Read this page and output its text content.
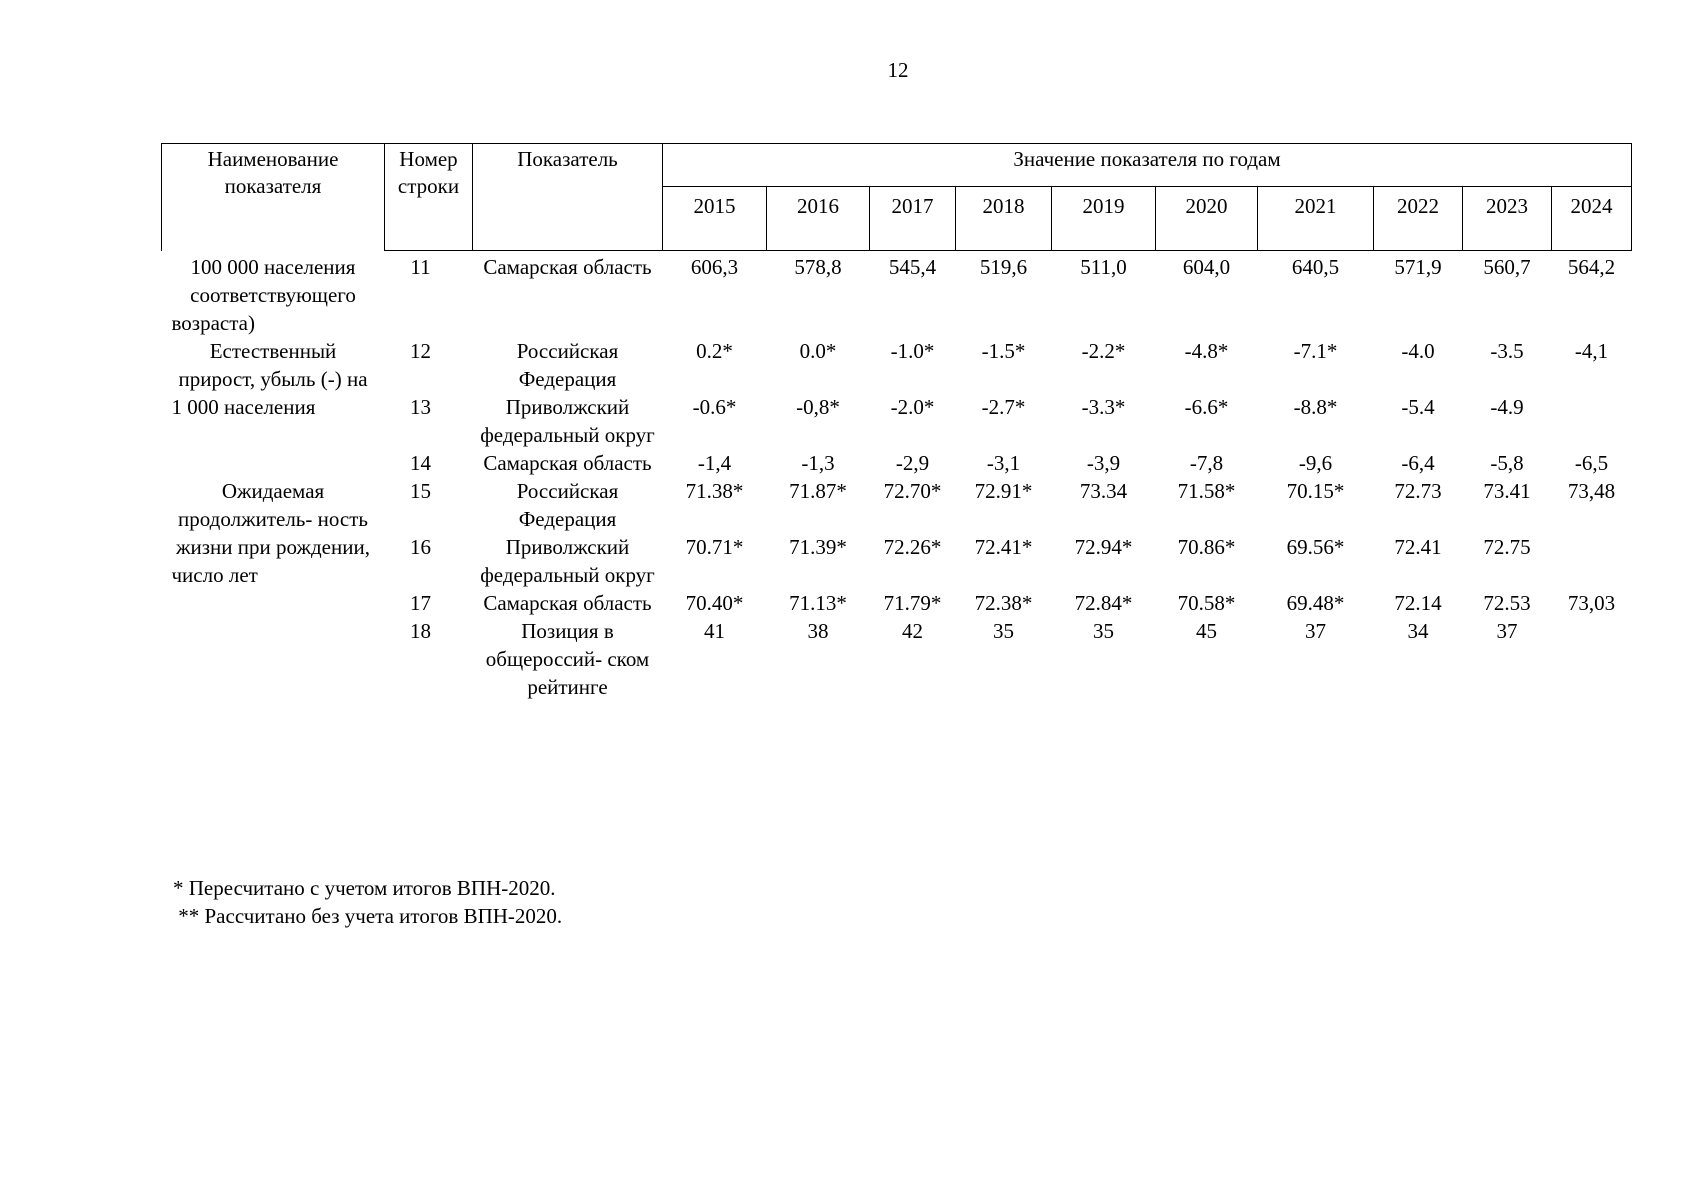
12
Наименование показателя	Номер строки	Показатель	Значение показателя по годам									
			2015	2016	2017	2018	2019	2020	2021	2022	2023	2024
100 000 населения соответствующего возраста)	11	Самарская область	606,3	578,8	545,4	519,6	511,0	604,0	640,5	571,9	560,7	564,2
Естественный прирост, убыль (-) на 1 000 населения	12	Российская Федерация	0.2*	0.0*	-1.0*	-1.5*	-2.2*	-4.8*	-7.1*	-4.0	-3.5	-4,1
	13	Приволжский федеральный округ	-0.6*	-0,8*	-2.0*	-2.7*	-3.3*	-6.6*	-8.8*	-5.4	-4.9	
	14	Самарская область	-1,4	-1,3	-2,9	-3,1	-3,9	-7,8	-9,6	-6,4	-5,8	-6,5
Ожидаемая продолжитель- ность жизни при рождении, число лет	15	Российская Федерация	71.38*	71.87*	72.70*	72.91*	73.34	71.58*	70.15*	72.73	73.41	73,48
	16	Приволжский федеральный округ	70.71*	71.39*	72.26*	72.41*	72.94*	70.86*	69.56*	72.41	72.75	
	17	Самарская область	70.40*	71.13*	71.79*	72.38*	72.84*	70.58*	69.48*	72.14	72.53	73,03
	18	Позиция в общероссий- ском рейтинге	41	38	42	35	35	45	37	34	37	
* Пересчитано с учетом итогов ВПН-2020.
** Рассчитано без учета итогов ВПН-2020.
